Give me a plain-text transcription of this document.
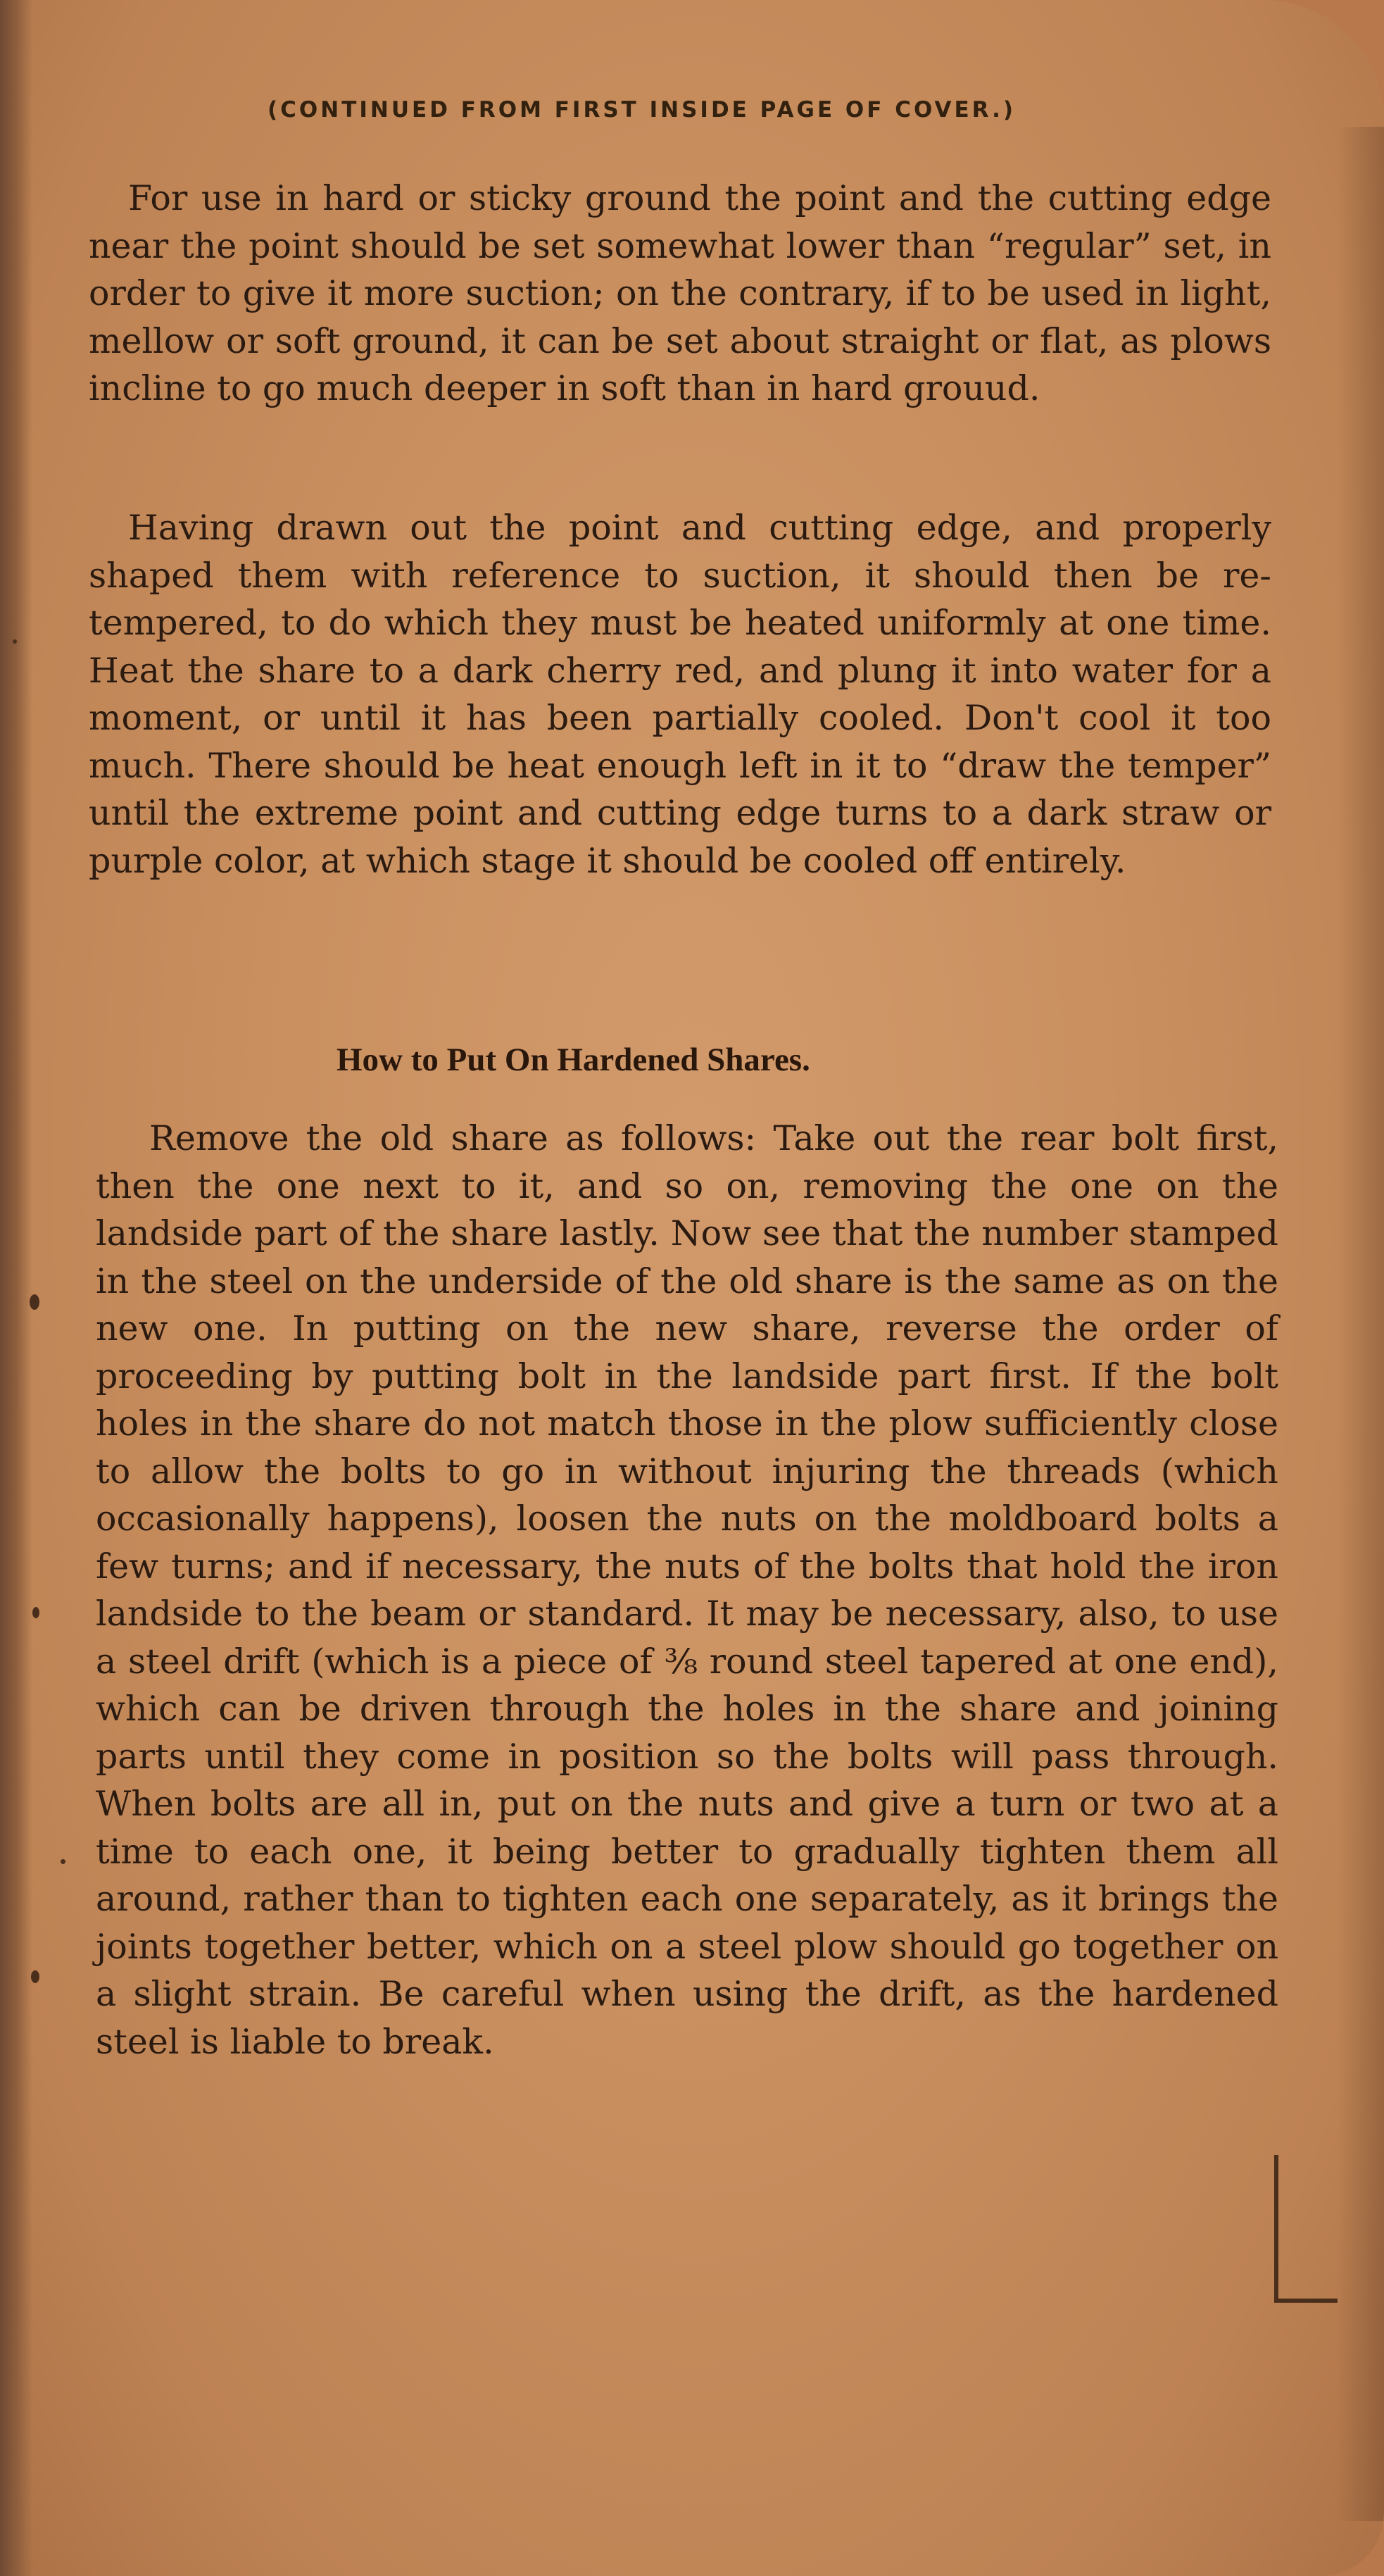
(CONTINUED FROM FIRST INSIDE PAGE OF COVER.)
For use in hard or sticky ground the point and the cutting edge near the point should be set somewhat lower than “regular” set, in order to give it more suction; on the contrary, if to be used in light, mellow or soft ground, it can be set about straight or flat, as plows incline to go much deeper in soft than in hard grouud.
Having drawn out the point and cutting edge, and properly shaped them with reference to suction, it should then be re-tempered, to do which they must be heated uniformly at one time. Heat the share to a dark cherry red, and plung it into water for a moment, or until it has been partially cooled. Don't cool it too much. There should be heat enough left in it to “draw the temper” until the extreme point and cutting edge turns to a dark straw or purple color, at which stage it should be cooled off entirely.
How to Put On Hardened Shares.
Remove the old share as follows: Take out the rear bolt first, then the one next to it, and so on, removing the one on the landside part of the share lastly. Now see that the number stamped in the steel on the underside of the old share is the same as on the new one. In putting on the new share, reverse the order of proceeding by putting bolt in the landside part first. If the bolt holes in the share do not match those in the plow sufficiently close to allow the bolts to go in without injuring the threads (which occasionally happens), loosen the nuts on the moldboard bolts a few turns; and if necessary, the nuts of the bolts that hold the iron landside to the beam or standard. It may be necessary, also, to use a steel drift (which is a piece of ⅜ round steel tapered at one end), which can be driven through the holes in the share and joining parts until they come in position so the bolts will pass through. When bolts are all in, put on the nuts and give a turn or two at a time to each one, it being better to gradually tighten them all around, rather than to tighten each one separately, as it brings the joints together better, which on a steel plow should go together on a slight strain. Be careful when using the drift, as the hardened steel is liable to break.
